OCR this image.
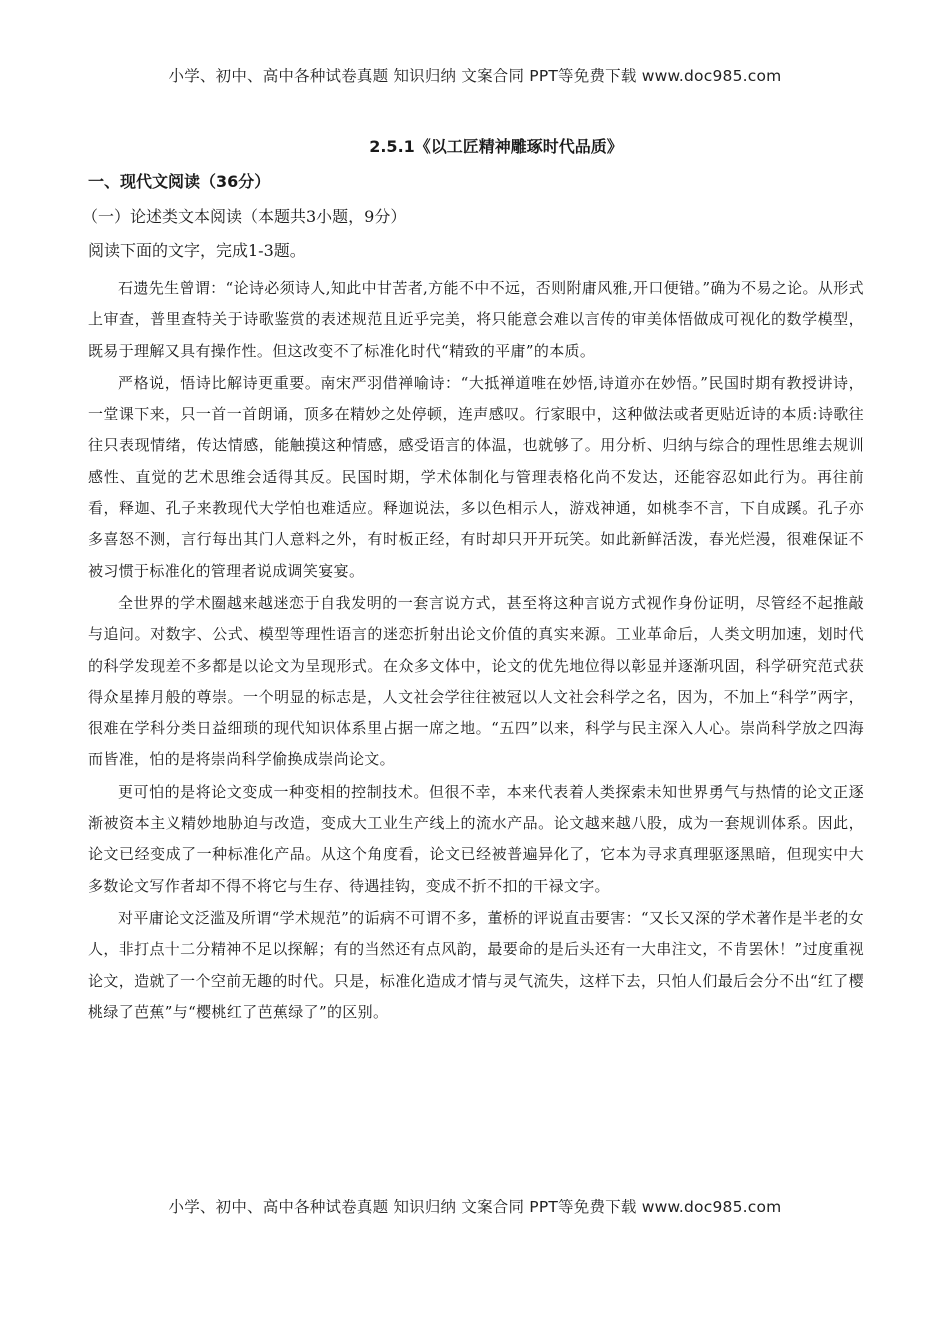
小学、初中、高中各种试卷真题 知识归纳 文案合同 PPT等免费下载 www.doc985.com
2.5.1《以工匠精神雕琢时代品质》
一、现代文阅读（36分）
（一）论述类文本阅读（本题共3小题，9分）
阅读下面的文字，完成1-3题。

石遗先生曾谓：“论诗必须诗人,知此中甘苦者,方能不中不远，否则附庸风雅,开口便错。”确为不易之论。从形式上审查，普里查特关于诗歌鉴赏的表述规范且近乎完美，将只能意会难以言传的审美体悟做成可视化的数学模型，既易于理解又具有操作性。但这改变不了标准化时代“精致的平庸”的本质。

严格说，悟诗比解诗更重要。南宋严羽借禅喻诗：“大抵禅道唯在妙悟,诗道亦在妙悟。”民国时期有教授讲诗，一堂课下来，只一首一首朗诵，顶多在精妙之处停顿，连声感叹。行家眼中，这种做法或者更贴近诗的本质:诗歌往往只表现情绪，传达情感，能触摸这种情感，感受语言的体温，也就够了。用分析、归纳与综合的理性思维去规训感性、直觉的艺术思维会适得其反。民国时期，学术体制化与管理表格化尚不发达，还能容忍如此行为。再往前看，释迦、孔子来教现代大学怕也难适应。释迦说法，多以色相示人，游戏神通，如桃李不言，下自成蹊。孔子亦多喜怒不测，言行每出其门人意料之外，有时板正经，有时却只开开玩笑。如此新鲜活泼，春光烂漫，很难保证不被习惯于标准化的管理者说成调笑宴宴。

全世界的学术圈越来越迷恋于自我发明的一套言说方式，甚至将这种言说方式视作身份证明，尽管经不起推敲与追问。对数字、公式、模型等理性语言的迷恋折射出论文价值的真实来源。工业革命后，人类文明加速，划时代的科学发现差不多都是以论文为呈现形式。在众多文体中，论文的优先地位得以彰显并逐渐巩固，科学研究范式获得众星捧月般的尊崇。一个明显的标志是，人文社会学往往被冠以人文社会科学之名，因为，不加上“科学”两字，很难在学科分类日益细琐的现代知识体系里占据一席之地。“五四”以来，科学与民主深入人心。崇尚科学放之四海而皆准，怕的是将崇尚科学偷换成崇尚论文。

更可怕的是将论文变成一种变相的控制技术。但很不幸，本来代表着人类探索未知世界勇气与热情的论文正逐渐被资本主义精妙地胁迫与改造，变成大工业生产线上的流水产品。论文越来越八股，成为一套规训体系。因此，论文已经变成了一种标准化产品。从这个角度看，论文已经被普遍异化了，它本为寻求真理驱逐黑暗，但现实中大多数论文写作者却不得不将它与生存、待遇挂钩，变成不折不扣的干禄文字。

对平庸论文泛滥及所谓“学术规范”的诟病不可谓不多，董桥的评说直击要害：“又长又深的学术著作是半老的女人，非打点十二分精神不足以探解；有的当然还有点风韵，最要命的是后头还有一大串注文，不肯罢休！”过度重视论文，造就了一个空前无趣的时代。只是，标准化造成才情与灵气流失，这样下去，只怕人们最后会分不出“红了樱桃绿了芭蕉”与“樱桃红了芭蕉绿了”的区别。

小学、初中、高中各种试卷真题 知识归纳 文案合同 PPT等免费下载 www.doc985.com
